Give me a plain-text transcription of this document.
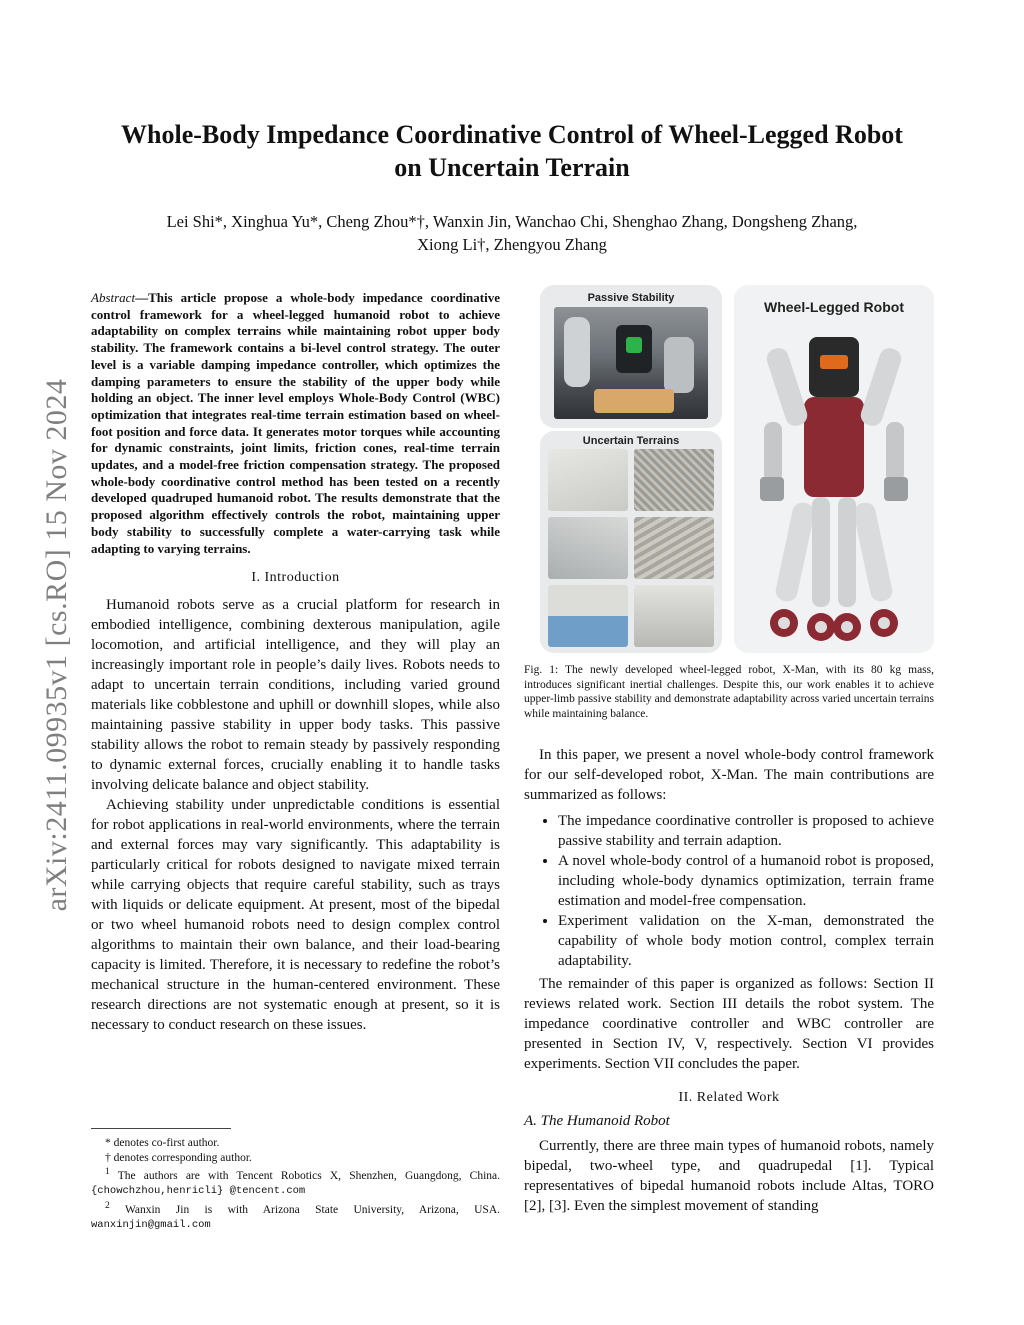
arXiv:2411.09935v1 [cs.RO] 15 Nov 2024
Whole-Body Impedance Coordinative Control of Wheel-Legged Robot
on Uncertain Terrain
Lei Shi*, Xinghua Yu*, Cheng Zhou*†, Wanxin Jin, Wanchao Chi, Shenghao Zhang, Dongsheng Zhang,
Xiong Li†, Zhengyou Zhang
Abstract—This article propose a whole-body impedance coordinative control framework for a wheel-legged humanoid robot to achieve adaptability on complex terrains while maintaining robot upper body stability. The framework contains a bi-level control strategy. The outer level is a variable damping impedance controller, which optimizes the damping parameters to ensure the stability of the upper body while holding an object. The inner level employs Whole-Body Control (WBC) optimization that integrates real-time terrain estimation based on wheel-foot position and force data. It generates motor torques while accounting for dynamic constraints, joint limits, friction cones, real-time terrain updates, and a model-free friction compensation strategy. The proposed whole-body coordinative control method has been tested on a recently developed quadruped humanoid robot. The results demonstrate that the proposed algorithm effectively controls the robot, maintaining upper body stability to successfully complete a water-carrying task while adapting to varying terrains.
I. Introduction

Humanoid robots serve as a crucial platform for research in embodied intelligence, combining dexterous manipulation, agile locomotion, and artificial intelligence, and they will play an increasingly important role in people’s daily lives. Robots needs to adapt to uncertain terrain conditions, including varied ground materials like cobblestone and uphill or downhill slopes, while also maintaining passive stability in upper body tasks. This passive stability allows the robot to remain steady by passively responding to dynamic external forces, crucially enabling it to handle tasks involving delicate balance and object stability.

Achieving stability under unpredictable conditions is essential for robot applications in real-world environments, where the terrain and external forces may vary significantly. This adaptability is particularly critical for robots designed to navigate mixed terrain while carrying objects that require careful stability, such as trays with liquids or delicate equipment. At present, most of the bipedal or two wheel humanoid robots need to design complex control algorithms to maintain their own balance, and their load-bearing capacity is limited. Therefore, it is necessary to redefine the robot’s mechanical structure in the human-centered environment. These research directions are not systematic enough at present, so it is necessary to conduct research on these issues.

* denotes co-first author.
† denotes corresponding author.
$^1$ The authors are with Tencent Robotics X, Shenzhen, Guangdong, China. {chowchzhou,henricli} @tencent.com
$^2$ Wanxin Jin is with Arizona State University, Arizona, USA. wanxinjin@gmail.com
Passive Stability
Uncertain Terrains
Wheel-Legged Robot
Fig. 1: The newly developed wheel-legged robot, X-Man, with its 80 kg mass, introduces significant inertial challenges. Despite this, our work enables it to achieve upper-limb passive stability and demonstrate adaptability across varied uncertain terrains while maintaining balance.

In this paper, we present a novel whole-body control framework for our self-developed robot, X-Man. The main contributions are summarized as follows:

• The impedance coordinative controller is proposed to achieve passive stability and terrain adaption.
• A novel whole-body control of a humanoid robot is proposed, including whole-body dynamics optimization, terrain frame estimation and model-free compensation.
• Experiment validation on the X-man, demonstrated the capability of whole body motion control, complex terrain adaptability.

The remainder of this paper is organized as follows: Section II reviews related work. Section III details the robot system. The impedance coordinative controller and WBC controller are presented in Section IV, V, respectively. Section VI provides experiments. Section VII concludes the paper.

II. Related Work
A. The Humanoid Robot

Currently, there are three main types of humanoid robots, namely bipedal, two-wheel type, and quadrupedal [1]. Typical representatives of bipedal humanoid robots include Altas, TORO [2], [3]. Even the simplest movement of standing
